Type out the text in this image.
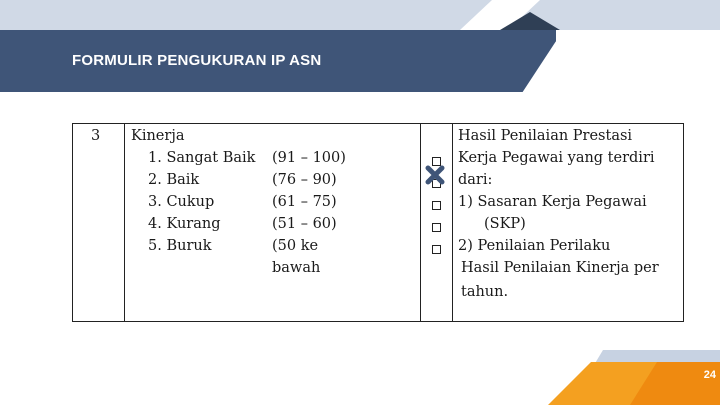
FORMULIR PENGUKURAN IP ASN
3 Kinerja
1. Sangat Baik
2. Baik
3. Cukup
4. Kurang
5. Buruk
(91 – 100)
(76 – 90)
(61 – 75)
(51 – 60)
(50 ke
bawah
Hasil Penilaian Prestasi
Kerja Pegawai yang terdiri
dari:
1) Sasaran Kerja Pegawai
(SKP)
2) Penilaian Perilaku
Hasil Penilaian Kinerja per
tahun.
24
